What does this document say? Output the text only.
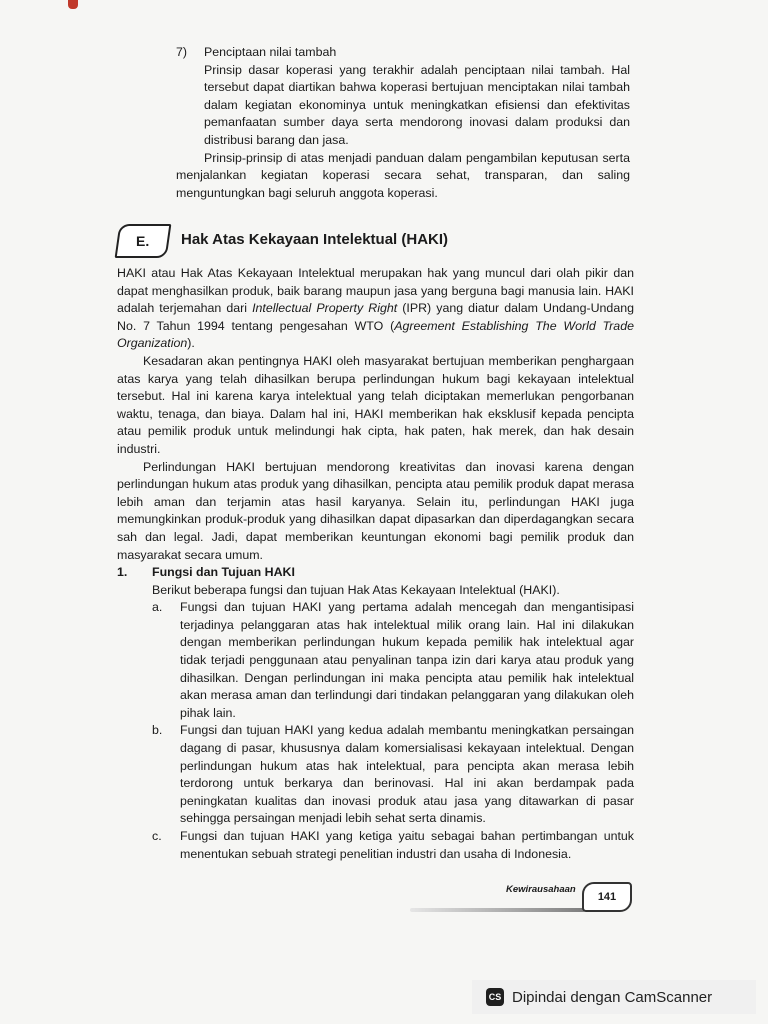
7)	Penciptaan nilai tambah

Prinsip dasar koperasi yang terakhir adalah penciptaan nilai tambah. Hal tersebut dapat diartikan bahwa koperasi bertujuan menciptakan nilai tambah dalam kegiatan ekonominya untuk meningkatkan efisiensi dan efektivitas pemanfaatan sumber daya serta mendorong inovasi dalam produksi dan distribusi barang dan jasa.

Prinsip-prinsip di atas menjadi panduan dalam pengambilan keputusan serta menjalankan kegiatan koperasi secara sehat, transparan, dan saling menguntungkan bagi seluruh anggota koperasi.

E. Hak Atas Kekayaan Intelektual (HAKI)

HAKI atau Hak Atas Kekayaan Intelektual merupakan hak yang muncul dari olah pikir dan dapat menghasilkan produk, baik barang maupun jasa yang berguna bagi manusia lain. HAKI adalah terjemahan dari Intellectual Property Right (IPR) yang diatur dalam Undang-Undang No. 7 Tahun 1994 tentang pengesahan WTO (Agreement Establishing The World Trade Organization).

Kesadaran akan pentingnya HAKI oleh masyarakat bertujuan memberikan penghargaan atas karya yang telah dihasilkan berupa perlindungan hukum bagi kekayaan intelektual tersebut. Hal ini karena karya intelektual yang telah diciptakan memerlukan pengorbanan waktu, tenaga, dan biaya. Dalam hal ini, HAKI memberikan hak eksklusif kepada pencipta atau pemilik produk untuk melindungi hak cipta, hak paten, hak merek, dan hak desain industri.

Perlindungan HAKI bertujuan mendorong kreativitas dan inovasi karena dengan perlindungan hukum atas produk yang dihasilkan, pencipta atau pemilik produk dapat merasa lebih aman dan terjamin atas hasil karyanya. Selain itu, perlindungan HAKI juga memungkinkan produk-produk yang dihasilkan dapat dipasarkan dan diperdagangkan secara sah dan legal. Jadi, dapat memberikan keuntungan ekonomi bagi pemilik produk dan masyarakat secara umum.

1.	Fungsi dan Tujuan HAKI

Berikut beberapa fungsi dan tujuan Hak Atas Kekayaan Intelektual (HAKI).

a.	Fungsi dan tujuan HAKI yang pertama adalah mencegah dan mengantisipasi terjadinya pelanggaran atas hak intelektual milik orang lain. Hal ini dilakukan dengan memberikan perlindungan hukum kepada pemilik hak intelektual agar tidak terjadi penggunaan atau penyalinan tanpa izin dari karya atau produk yang dihasilkan. Dengan perlindungan ini maka pencipta atau pemilik hak intelektual akan merasa aman dan terlindungi dari tindakan pelanggaran yang dilakukan oleh pihak lain.
b.	Fungsi dan tujuan HAKI yang kedua adalah membantu meningkatkan persaingan dagang di pasar, khususnya dalam komersialisasi kekayaan intelektual. Dengan perlindungan hukum atas hak intelektual, para pencipta akan merasa lebih terdorong untuk berkarya dan berinovasi. Hal ini akan berdampak pada peningkatan kualitas dan inovasi produk atau jasa yang ditawarkan di pasar sehingga persaingan menjadi lebih sehat serta dinamis.
c.	Fungsi dan tujuan HAKI yang ketiga yaitu sebagai bahan pertimbangan untuk menentukan sebuah strategi penelitian industri dan usaha di Indonesia.
Kewirausahaan
141
CS Dipindai dengan CamScanner
